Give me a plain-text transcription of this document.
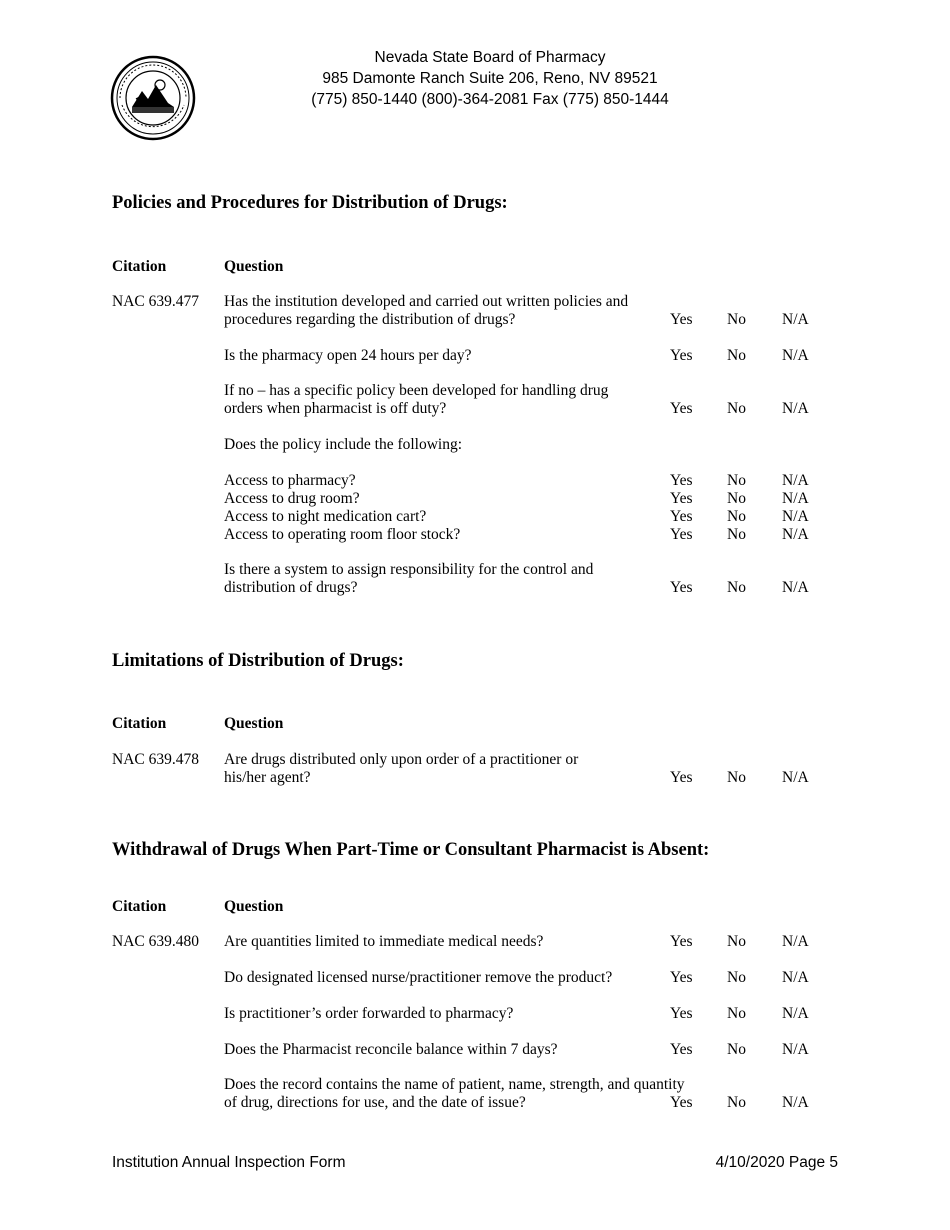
Nevada State Board of Pharmacy
985 Damonte Ranch Suite 206, Reno, NV 89521
(775) 850-1440 (800)-364-2081 Fax (775) 850-1444
Policies and Procedures for Distribution of Drugs:
Citation	Question
NAC 639.477 Has the institution developed and carried out written policies and
procedures regarding the distribution of drugs?	Yes No N/A
Is the pharmacy open 24 hours per day?	Yes No N/A
If no – has a specific policy been developed for handling drug
orders when pharmacist is off duty?	Yes No N/A
Does the policy include the following:
Access to pharmacy?	Yes No N/A
Access to drug room?	Yes No N/A
Access to night medication cart?	Yes No N/A
Access to operating room floor stock?	Yes No N/A
Is there a system to assign responsibility for the control and
distribution of drugs?	Yes No N/A
Limitations of Distribution of Drugs:
Citation	Question
NAC 639.478 Are drugs distributed only upon order of a practitioner or
his/her agent?	Yes No N/A
Withdrawal of Drugs When Part-Time or Consultant Pharmacist is Absent:
Citation	Question
NAC 639.480 Are quantities limited to immediate medical needs?	Yes No N/A
Do designated licensed nurse/practitioner remove the product?	Yes No N/A
Is practitioner’s order forwarded to pharmacy?	Yes No N/A
Does the Pharmacist reconcile balance within 7 days?	Yes No N/A
Does the record contains the name of patient, name, strength, and quantity
of drug, directions for use, and the date of issue?	Yes No N/A
Institution Annual Inspection Form	4/10/2020 Page 5
